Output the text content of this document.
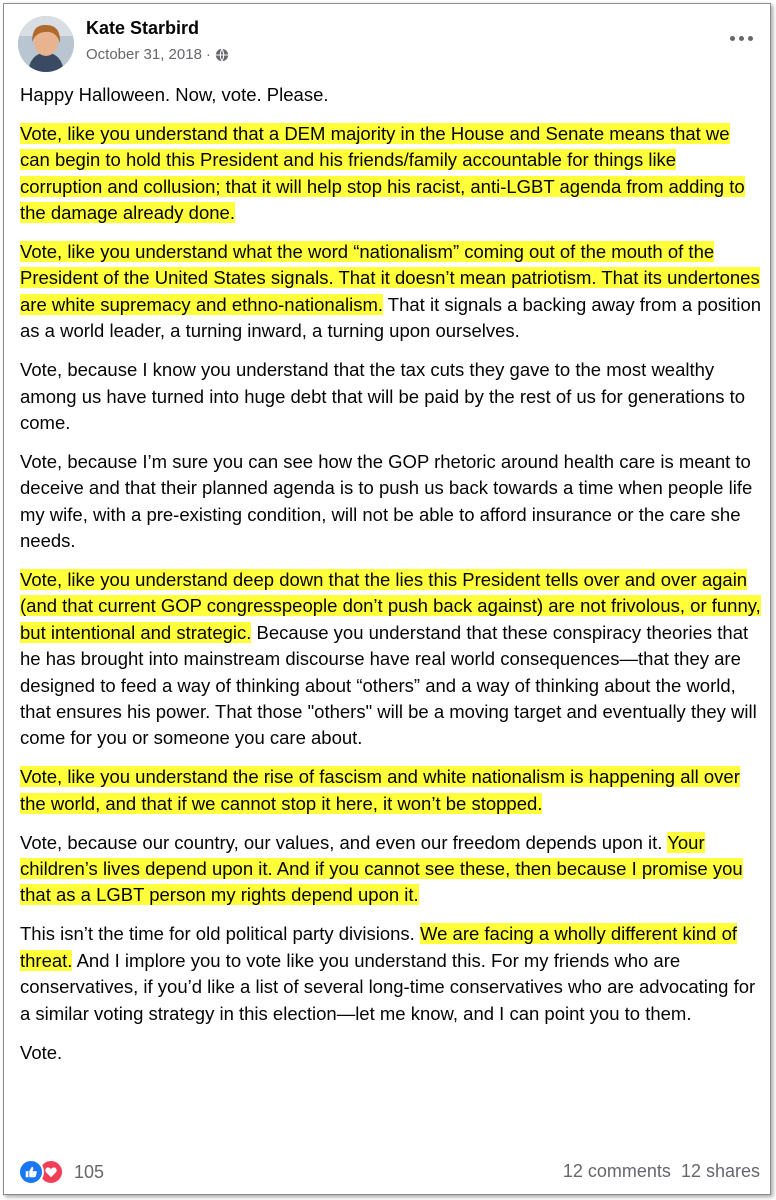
Kate Starbird
October 31, 2018 ·

Happy Halloween. Now, vote. Please.

Vote, like you understand that a DEM majority in the House and Senate means that we can begin to hold this President and his friends/family accountable for things like corruption and collusion; that it will help stop his racist, anti-LGBT agenda from adding to the damage already done.

Vote, like you understand what the word “nationalism” coming out of the mouth of the President of the United States signals. That it doesn’t mean patriotism. That its undertones are white supremacy and ethno-nationalism. That it signals a backing away from a position as a world leader, a turning inward, a turning upon ourselves.

Vote, because I know you understand that the tax cuts they gave to the most wealthy among us have turned into huge debt that will be paid by the rest of us for generations to come.

Vote, because I’m sure you can see how the GOP rhetoric around health care is meant to deceive and that their planned agenda is to push us back towards a time when people life my wife, with a pre-existing condition, will not be able to afford insurance or the care she needs.

Vote, like you understand deep down that the lies this President tells over and over again (and that current GOP congresspeople don’t push back against) are not frivolous, or funny, but intentional and strategic. Because you understand that these conspiracy theories that he has brought into mainstream discourse have real world consequences—that they are designed to feed a way of thinking about “others” and a way of thinking about the world, that ensures his power. That those "others" will be a moving target and eventually they will come for you or someone you care about.

Vote, like you understand the rise of fascism and white nationalism is happening all over the world, and that if we cannot stop it here, it won’t be stopped.

Vote, because our country, our values, and even our freedom depends upon it. Your children’s lives depend upon it. And if you cannot see these, then because I promise you that as a LGBT person my rights depend upon it.

This isn’t the time for old political party divisions. We are facing a wholly different kind of threat. And I implore you to vote like you understand this. For my friends who are conservatives, if you’d like a list of several long-time conservatives who are advocating for a similar voting strategy in this election—let me know, and I can point you to them.

Vote.

105	12 comments 12 shares
